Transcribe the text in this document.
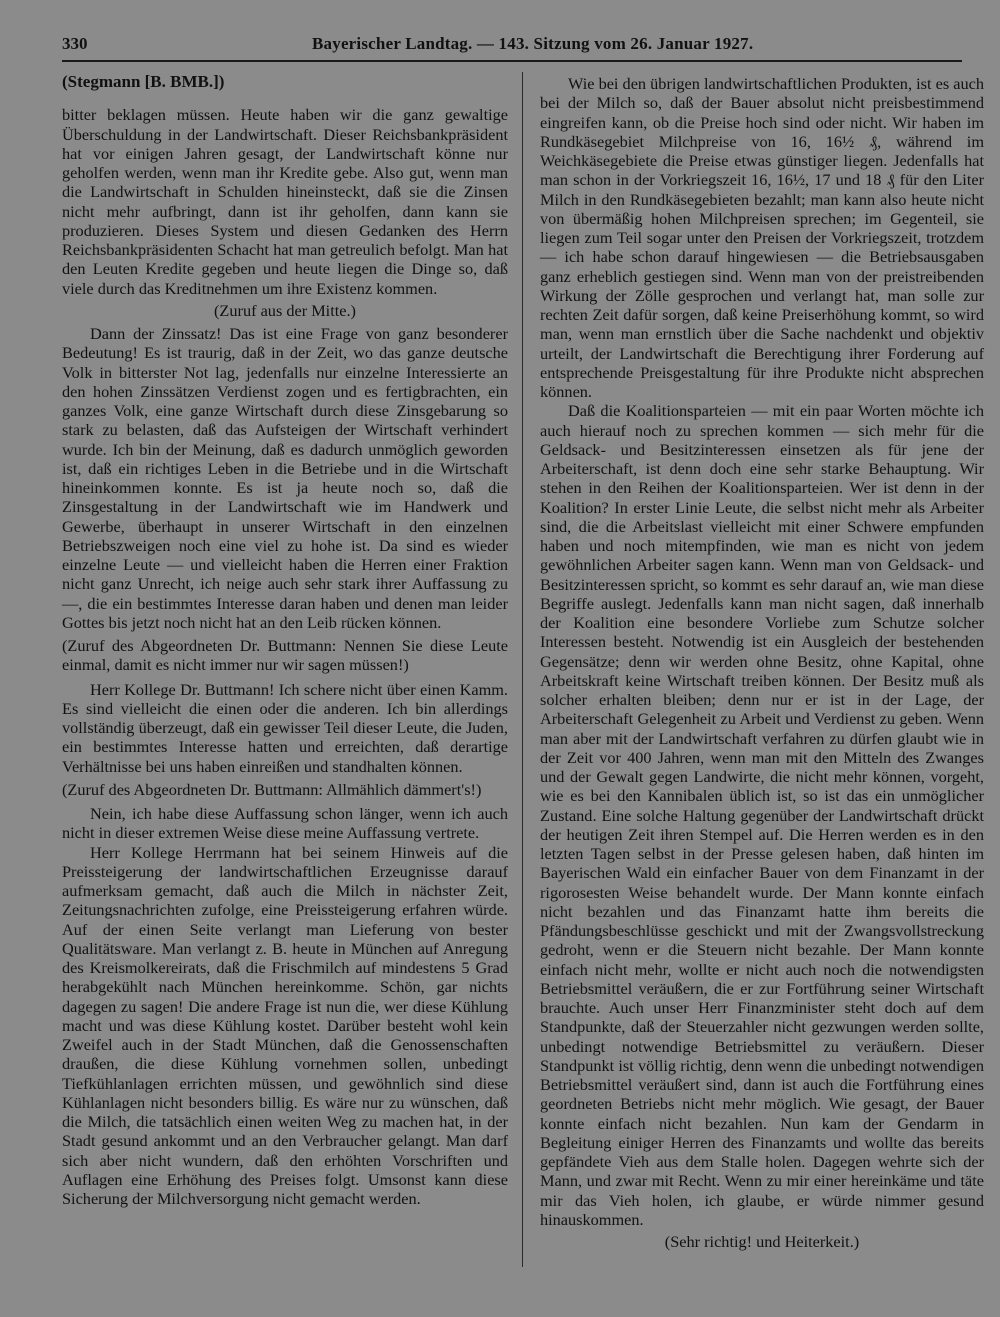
330	Bayerischer Landtag. — 143. Sitzung vom 26. Januar 1927.

(Stegmann [B. BMB.])

bitter beklagen müssen. Heute haben wir die ganz gewaltige Überschuldung in der Landwirtschaft. Dieser Reichsbankpräsident hat vor einigen Jahren gesagt, der Landwirtschaft könne nur geholfen werden, wenn man ihr Kredite gebe. Also gut, wenn man die Landwirtschaft in Schulden hineinsteckt, daß sie die Zinsen nicht mehr aufbringt, dann ist ihr geholfen, dann kann sie produzieren. Dieses System und diesen Gedanken des Herrn Reichsbankpräsidenten Schacht hat man getreulich befolgt. Man hat den Leuten Kredite gegeben und heute liegen die Dinge so, daß viele durch das Kreditnehmen um ihre Existenz kommen.

(Zuruf aus der Mitte.)

Dann der Zinssatz! Das ist eine Frage von ganz besonderer Bedeutung! Es ist traurig, daß in der Zeit, wo das ganze deutsche Volk in bitterster Not lag, jedenfalls nur einzelne Interessierte an den hohen Zinssätzen Verdienst zogen und es fertigbrachten, ein ganzes Volk, eine ganze Wirtschaft durch diese Zinsgebarung so stark zu belasten, daß das Aufsteigen der Wirtschaft verhindert wurde. Ich bin der Meinung, daß es dadurch unmöglich geworden ist, daß ein richtiges Leben in die Betriebe und in die Wirtschaft hineinkommen konnte. Es ist ja heute noch so, daß die Zinsgestaltung in der Landwirtschaft wie im Handwerk und Gewerbe, überhaupt in unserer Wirtschaft in den einzelnen Betriebszweigen noch eine viel zu hohe ist. Da sind es wieder einzelne Leute — und vielleicht haben die Herren einer Fraktion nicht ganz Unrecht, ich neige auch sehr stark ihrer Auffassung zu —, die ein bestimmtes Interesse daran haben und denen man leider Gottes bis jetzt noch nicht hat an den Leib rücken können.

(Zuruf des Abgeordneten Dr. Buttmann: Nennen Sie diese Leute einmal, damit es nicht immer nur wir sagen müssen!)

Herr Kollege Dr. Buttmann! Ich schere nicht über einen Kamm. Es sind vielleicht die einen oder die anderen. Ich bin allerdings vollständig überzeugt, daß ein gewisser Teil dieser Leute, die Juden, ein bestimmtes Interesse hatten und erreichten, daß derartige Verhältnisse bei uns haben einreißen und standhalten können.

(Zuruf des Abgeordneten Dr. Buttmann: Allmählich dämmert's!)

Nein, ich habe diese Auffassung schon länger, wenn ich auch nicht in dieser extremen Weise diese meine Auffassung vertrete.

Herr Kollege Herrmann hat bei seinem Hinweis auf die Preissteigerung der landwirtschaftlichen Erzeugnisse darauf aufmerksam gemacht, daß auch die Milch in nächster Zeit, Zeitungsnachrichten zufolge, eine Preissteigerung erfahren würde. Auf der einen Seite verlangt man Lieferung von bester Qualitätsware. Man verlangt z. B. heute in München auf Anregung des Kreismolkereirats, daß die Frischmilch auf mindestens 5 Grad herabgekühlt nach München hereinkomme. Schön, gar nichts dagegen zu sagen! Die andere Frage ist nun die, wer diese Kühlung macht und was diese Kühlung kostet. Darüber besteht wohl kein Zweifel auch in der Stadt München, daß die Genossenschaften draußen, die diese Kühlung vornehmen sollen, unbedingt Tiefkühlanlagen errichten müssen, und gewöhnlich sind diese Kühlanlagen nicht besonders billig. Es wäre nur zu wünschen, daß die Milch, die tatsächlich einen weiten Weg zu machen hat, in der Stadt gesund ankommt und an den Verbraucher gelangt. Man darf sich aber nicht wundern, daß den erhöhten Vorschriften und Auflagen eine Erhöhung des Preises folgt. Umsonst kann diese Sicherung der Milchversorgung nicht gemacht werden.

Wie bei den übrigen landwirtschaftlichen Produkten, ist es auch bei der Milch so, daß der Bauer absolut nicht preisbestimmend eingreifen kann, ob die Preise hoch sind oder nicht. Wir haben im Rundkäsegebiet Milchpreise von 16, 16½ ₰, während im Weichkäsegebiete die Preise etwas günstiger liegen. Jedenfalls hat man schon in der Vorkriegszeit 16, 16½, 17 und 18 ₰ für den Liter Milch in den Rundkäsegebieten bezahlt; man kann also heute nicht von übermäßig hohen Milchpreisen sprechen; im Gegenteil, sie liegen zum Teil sogar unter den Preisen der Vorkriegszeit, trotzdem — ich habe schon darauf hingewiesen — die Betriebsausgaben ganz erheblich gestiegen sind. Wenn man von der preistreibenden Wirkung der Zölle gesprochen und verlangt hat, man solle zur rechten Zeit dafür sorgen, daß keine Preiserhöhung kommt, so wird man, wenn man ernstlich über die Sache nachdenkt und objektiv urteilt, der Landwirtschaft die Berechtigung ihrer Forderung auf entsprechende Preisgestaltung für ihre Produkte nicht absprechen können.

Daß die Koalitionsparteien — mit ein paar Worten möchte ich auch hierauf noch zu sprechen kommen — sich mehr für die Geldsack- und Besitzinteressen einsetzen als für jene der Arbeiterschaft, ist denn doch eine sehr starke Behauptung. Wir stehen in den Reihen der Koalitionsparteien. Wer ist denn in der Koalition? In erster Linie Leute, die selbst nicht mehr als Arbeiter sind, die die Arbeitslast vielleicht mit einer Schwere empfunden haben und noch mitempfinden, wie man es nicht von jedem gewöhnlichen Arbeiter sagen kann. Wenn man von Geldsack- und Besitzinteressen spricht, so kommt es sehr darauf an, wie man diese Begriffe auslegt. Jedenfalls kann man nicht sagen, daß innerhalb der Koalition eine besondere Vorliebe zum Schutze solcher Interessen besteht. Notwendig ist ein Ausgleich der bestehenden Gegensätze; denn wir werden ohne Besitz, ohne Kapital, ohne Arbeitskraft keine Wirtschaft treiben können. Der Besitz muß als solcher erhalten bleiben; denn nur er ist in der Lage, der Arbeiterschaft Gelegenheit zu Arbeit und Verdienst zu geben. Wenn man aber mit der Landwirtschaft verfahren zu dürfen glaubt wie in der Zeit vor 400 Jahren, wenn man mit den Mitteln des Zwanges und der Gewalt gegen Landwirte, die nicht mehr können, vorgeht, wie es bei den Kannibalen üblich ist, so ist das ein unmöglicher Zustand. Eine solche Haltung gegenüber der Landwirtschaft drückt der heutigen Zeit ihren Stempel auf. Die Herren werden es in den letzten Tagen selbst in der Presse gelesen haben, daß hinten im Bayerischen Wald ein einfacher Bauer von dem Finanzamt in der rigorosesten Weise behandelt wurde. Der Mann konnte einfach nicht bezahlen und das Finanzamt hatte ihm bereits die Pfändungsbeschlüsse geschickt und mit der Zwangsvollstreckung gedroht, wenn er die Steuern nicht bezahle. Der Mann konnte einfach nicht mehr, wollte er nicht auch noch die notwendigsten Betriebsmittel veräußern, die er zur Fortführung seiner Wirtschaft brauchte. Auch unser Herr Finanzminister steht doch auf dem Standpunkte, daß der Steuerzahler nicht gezwungen werden sollte, unbedingt notwendige Betriebsmittel zu veräußern. Dieser Standpunkt ist völlig richtig, denn wenn die unbedingt notwendigen Betriebsmittel veräußert sind, dann ist auch die Fortführung eines geordneten Betriebs nicht mehr möglich. Wie gesagt, der Bauer konnte einfach nicht bezahlen. Nun kam der Gendarm in Begleitung einiger Herren des Finanzamts und wollte das bereits gepfändete Vieh aus dem Stalle holen. Dagegen wehrte sich der Mann, und zwar mit Recht. Wenn zu mir einer hereinkäme und täte mir das Vieh holen, ich glaube, er würde nimmer gesund hinauskommen.

(Sehr richtig! und Heiterkeit.)
